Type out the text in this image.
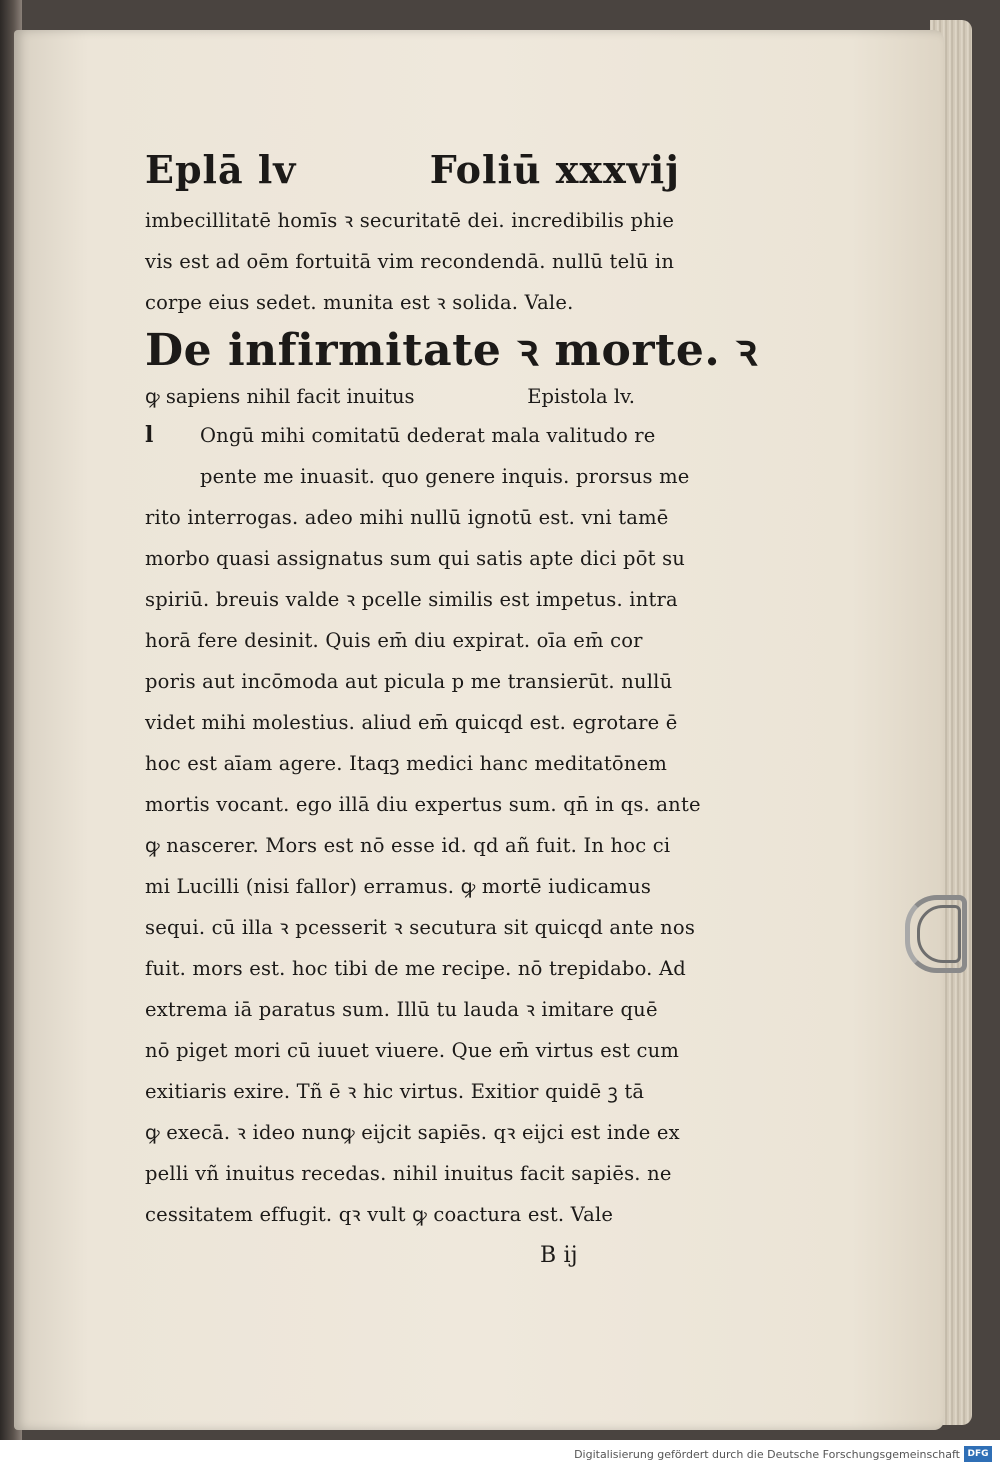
Eplā lv	Foliū xxxvij
imbecillitatē homīs ꝛ securitatē dei. incredibilis phie
vis est ad oēm fortuitā vim recondendā. nullū telū in
corpe eius sedet. munita est ꝛ solida. Vale.
De infirmitate ꝛ morte. ꝛ
ꝙ sapiens nihil facit inuitus	Epistola lv.
l	Ongū mihi comitatū dederat mala valitudo re
pente me inuasit. quo genere inquis. prorsus me
rito interrogas. adeo mihi nullū ignotū est. vni tamē
morbo quasi assignatus sum qui satis apte dici pōt su
spiriū. breuis valde ꝛ pcelle similis est impetus. intra
horā fere desinit. Quis em̄ diu expirat. oīa em̄ cor
poris aut incōmoda aut picula p me transierūt. nullū
videt mihi molestius. aliud em̄ quicqd est. egrotare ē
hoc est aīam agere. Itaqꝫ medici hanc meditatōnem
mortis vocant. ego illā diu expertus sum. qn̄ in qs. ante
ꝙ nascerer. Mors est nō esse id. qd añ fuit. In hoc ci
mi Lucilli (nisi fallor) erramus. ꝙ mortē iudicamus
sequi. cū illa ꝛ pcesserit ꝛ secutura sit quicqd ante nos
fuit. mors est. hoc tibi de me recipe. nō trepidabo. Ad
extrema iā paratus sum. Illū tu lauda ꝛ imitare quē
nō piget mori cū iuuet viuere. Que em̄ virtus est cum
exitiaris exire. Tñ ē ꝛ hic virtus. Exitior quidē ꝫ tā
ꝙ execā. ꝛ ideo nunꝙ eijcit sapiēs. qꝛ eijci est inde ex
pelli vñ inuitus recedas. nihil inuitus facit sapiēs. ne
cessitatem effugit. qꝛ vult ꝙ coactura est. Vale
B ij
Digitalisierung gefördert durch die Deutsche Forschungsgemeinschaft DFG
